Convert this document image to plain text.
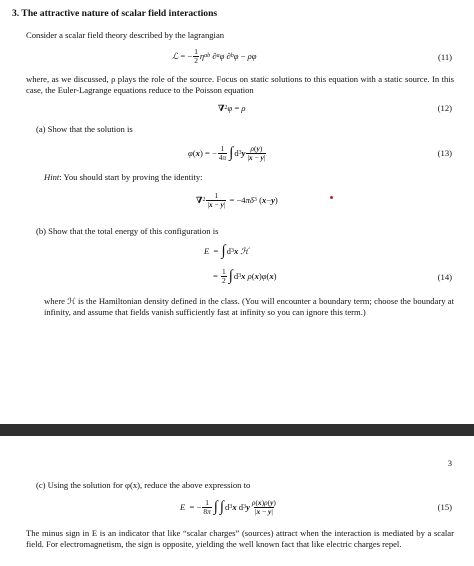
3. The attractive nature of scalar field interactions
Consider a scalar field theory described by the lagrangian
ℒ = − $\frac{1}{2}$ η ab
∂ a φ
∂ b φ − ρφ	(11)
where, as we discussed, ρ plays the role of the source. Focus on static solutions to this equation with a static source. In this case, the Euler-Lagrange equations reduce to the Poisson equation
∇ 2 φ = ρ	(12)
(a) Show that the solution is
φ ( x ) = − $\frac{1}{4\pi}$ ∫ d 3 y $\frac{\rho(y)}{|x - y|}$	(13)
Hint: You should start by proving the identity:
∇ $2 \frac{1}{|x - y|} = -4$ π δ 3 ( x − y )
(b) Show that the total energy of this configuration is
E = ∫ d 3 x
ℋ
= $\frac{1}{2}$ ∫ d 3 x
ρ ( x ) φ ( x )	(14)
where ℋ is the Hamiltonian density defined in the class. (You will encounter a boundary term; choose the boundary at infinity, and assume that fields vanish sufficiently fast at infinity so you can ignore this term.)
3
(c) Using the solution for φ(x), reduce the above expression to
E = − $\frac{1}{8\pi}$ ∫ ∫ d 3 x d 3 y $\frac{\rho(x)\rho(y)}{|x - y|}$	(15)
The minus sign in E is an indicator that like “scalar charges” (sources) attract when the interaction is mediated by a scalar field. For electromagnetism, the sign is opposite, yielding the well known fact that like electric charges repel.
